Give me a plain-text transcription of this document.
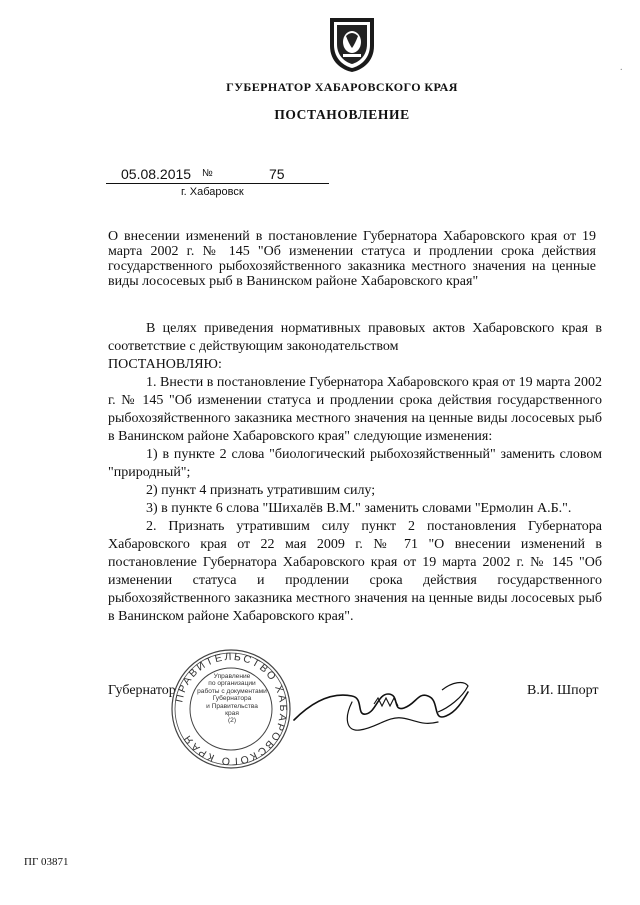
.
ГУБЕРНАТОР ХАБАРОВСКОГО КРАЯ
ПОСТАНОВЛЕНИЕ
05.08.2015 №	75
г. Хабаровск
О внесении изменений в постановление Губернатора Хабаровского края от 19 марта 2002 г. № 145 "Об изменении статуса и продлении срока действия государственного рыбохозяйственного заказника местного значения на ценные виды лососевых рыб в Ванинском районе Хабаровского края"

В целях приведения нормативных правовых актов Хабаровского края в соответствие с действующим законодательством

ПОСТАНОВЛЯЮ:

1. Внести в постановление Губернатора Хабаровского края от 19 марта 2002 г. № 145 "Об изменении статуса и продлении срока действия государственного рыбохозяйственного заказника местного значения на ценные виды лососевых рыб в Ванинском районе Хабаровского края" следующие изменения:

1) в пункте 2 слова "биологический рыбохозяйственный" заменить словом "природный";

2) пункт 4 признать утратившим силу;

3) в пункте 6 слова "Шихалёв В.М." заменить словами "Ермолин А.Б.".

2. Признать утратившим силу пункт 2 постановления Губернатора Хабаровского края от 22 мая 2009 г. № 71 "О внесении изменений в постановление Губернатора Хабаровского края от 19 марта 2002 г. № 145 "Об изменении статуса и продлении срока действия государственного рыбохозяйственного заказника местного значения на ценные виды лососевых рыб в Ванинском районе Хабаровского края".

Губернатор
ПРАВИТЕЛЬСТВО ХАБАРОВСКОГО КРАЯ
Управление
по организации
работы с документами
Губернатора
и Правительства
края
(2)
В.И. Шпорт
ПГ 03871
